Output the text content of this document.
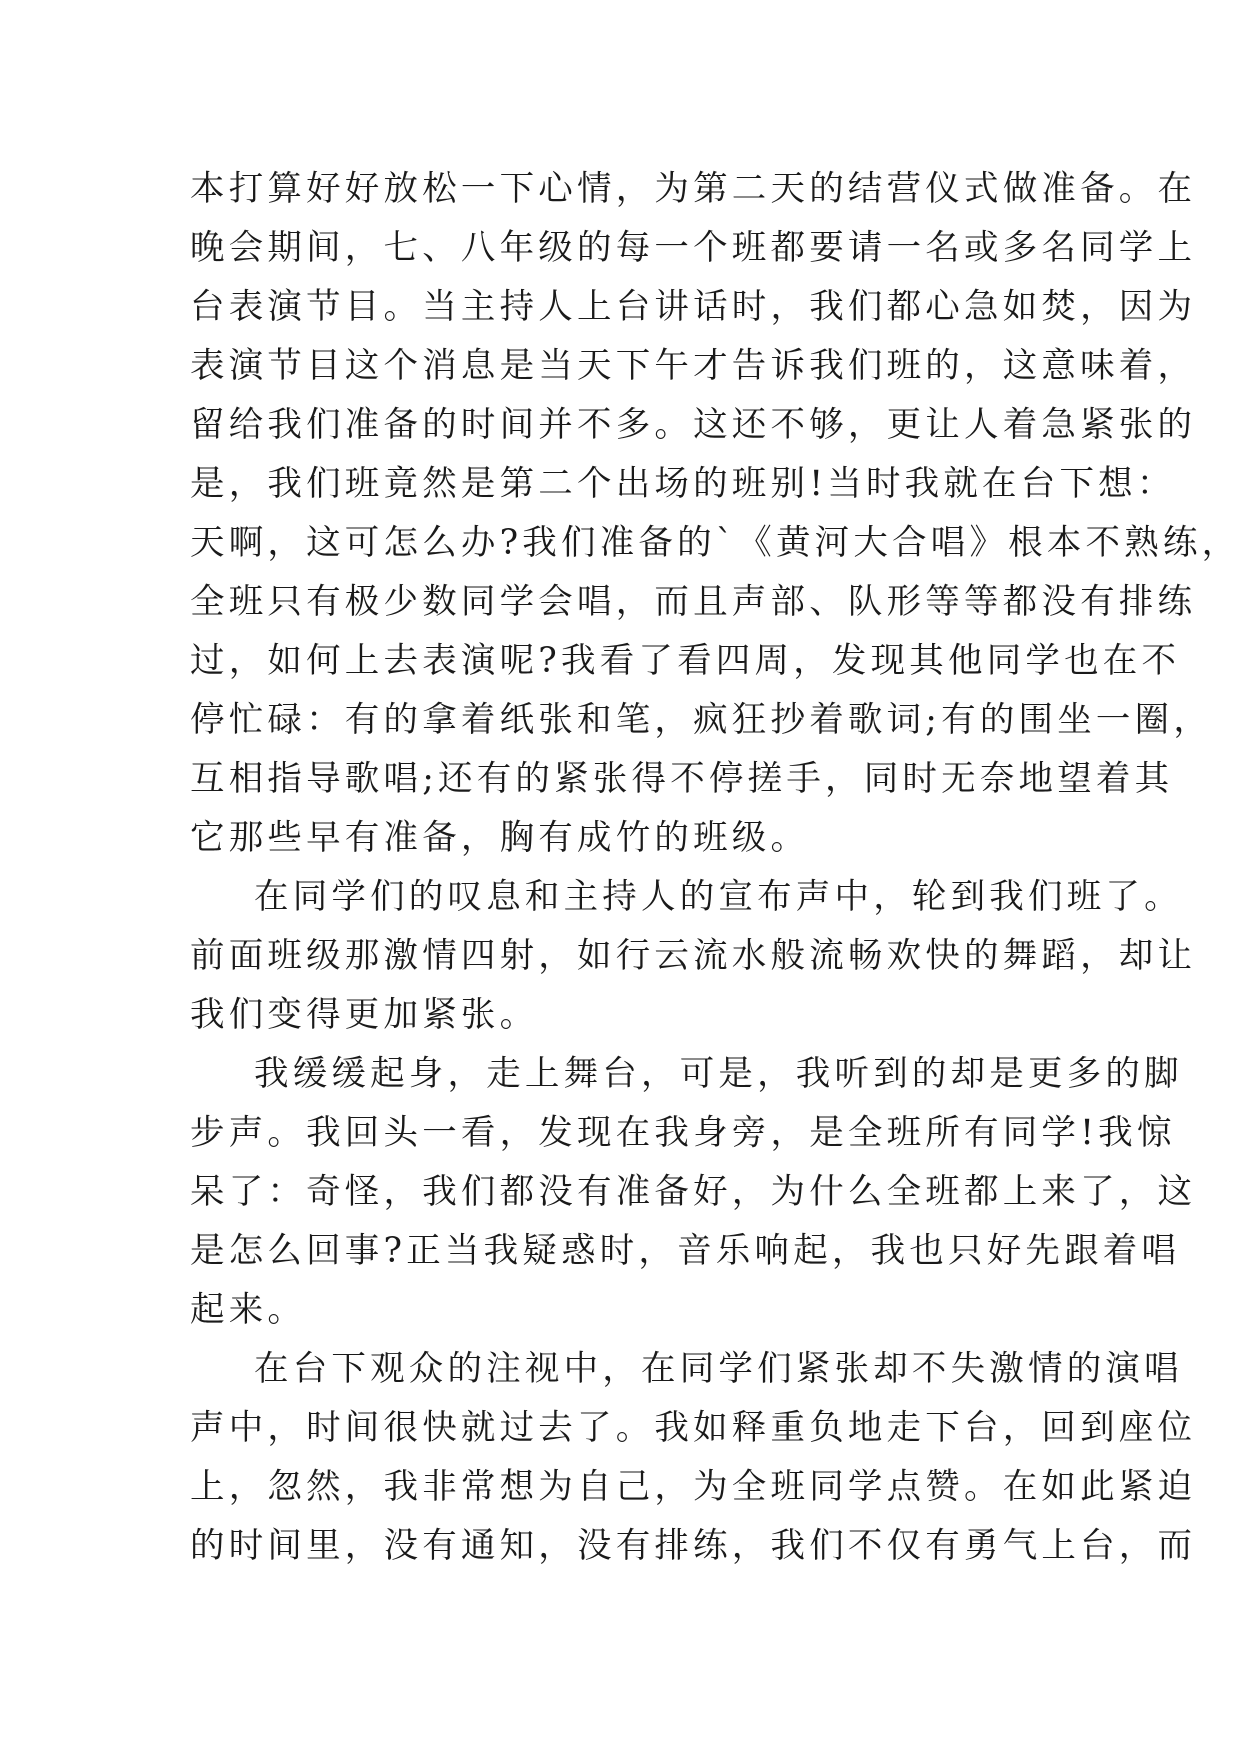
本打算好好放松一下心情，为第二天的结营仪式做准备。在
晚会期间，七、八年级的每一个班都要请一名或多名同学上
台表演节目。当主持人上台讲话时，我们都心急如焚，因为
表演节目这个消息是当天下午才告诉我们班的，这意味着，
留给我们准备的时间并不多。这还不够，更让人着急紧张的
是，我们班竟然是第二个出场的班别!当时我就在台下想：
天啊，这可怎么办?我们准备的`《黄河大合唱》根本不熟练，
全班只有极少数同学会唱，而且声部、队形等等都没有排练
过，如何上去表演呢?我看了看四周，发现其他同学也在不
停忙碌：有的拿着纸张和笔，疯狂抄着歌词;有的围坐一圈，
互相指导歌唱;还有的紧张得不停搓手，同时无奈地望着其
它那些早有准备，胸有成竹的班级。
在同学们的叹息和主持人的宣布声中，轮到我们班了。
前面班级那激情四射，如行云流水般流畅欢快的舞蹈，却让
我们变得更加紧张。
我缓缓起身，走上舞台，可是，我听到的却是更多的脚
步声。我回头一看，发现在我身旁，是全班所有同学!我惊
呆了：奇怪，我们都没有准备好，为什么全班都上来了，这
是怎么回事?正当我疑惑时，音乐响起，我也只好先跟着唱
起来。
在台下观众的注视中，在同学们紧张却不失激情的演唱
声中，时间很快就过去了。我如释重负地走下台，回到座位
上，忽然，我非常想为自己，为全班同学点赞。在如此紧迫
的时间里，没有通知，没有排练，我们不仅有勇气上台，而
